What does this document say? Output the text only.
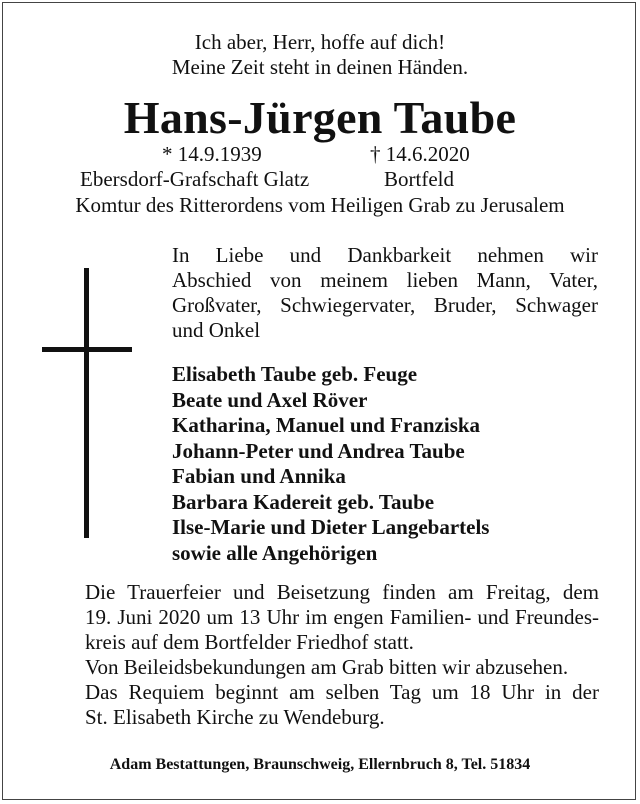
Ich aber, Herr, hoffe auf dich!
Meine Zeit steht in deinen Händen.
Hans-Jürgen Taube
* 14.9.1939	† 14.6.2020
Ebersdorf-Grafschaft Glatz	Bortfeld
Komtur des Ritterordens vom Heiligen Grab zu Jerusalem
In Liebe und Dankbarkeit nehmen wir
Abschied von meinem lieben Mann, Vater,
Großvater, Schwiegervater, Bruder, Schwager
und Onkel
Elisabeth Taube geb. Feuge
Beate und Axel Röver
Katharina, Manuel und Franziska
Johann-Peter und Andrea Taube
Fabian und Annika
Barbara Kadereit geb. Taube
Ilse-Marie und Dieter Langebartels
sowie alle Angehörigen
Die Trauerfeier und Beisetzung finden am Freitag, dem
19. Juni 2020 um 13 Uhr im engen Familien- und Freundes-
kreis auf dem Bortfelder Friedhof statt.
Von Beileidsbekundungen am Grab bitten wir abzusehen.
Das Requiem beginnt am selben Tag um 18 Uhr in der
St. Elisabeth Kirche zu Wendeburg.
Adam Bestattungen, Braunschweig, Ellernbruch 8, Tel. 51834
